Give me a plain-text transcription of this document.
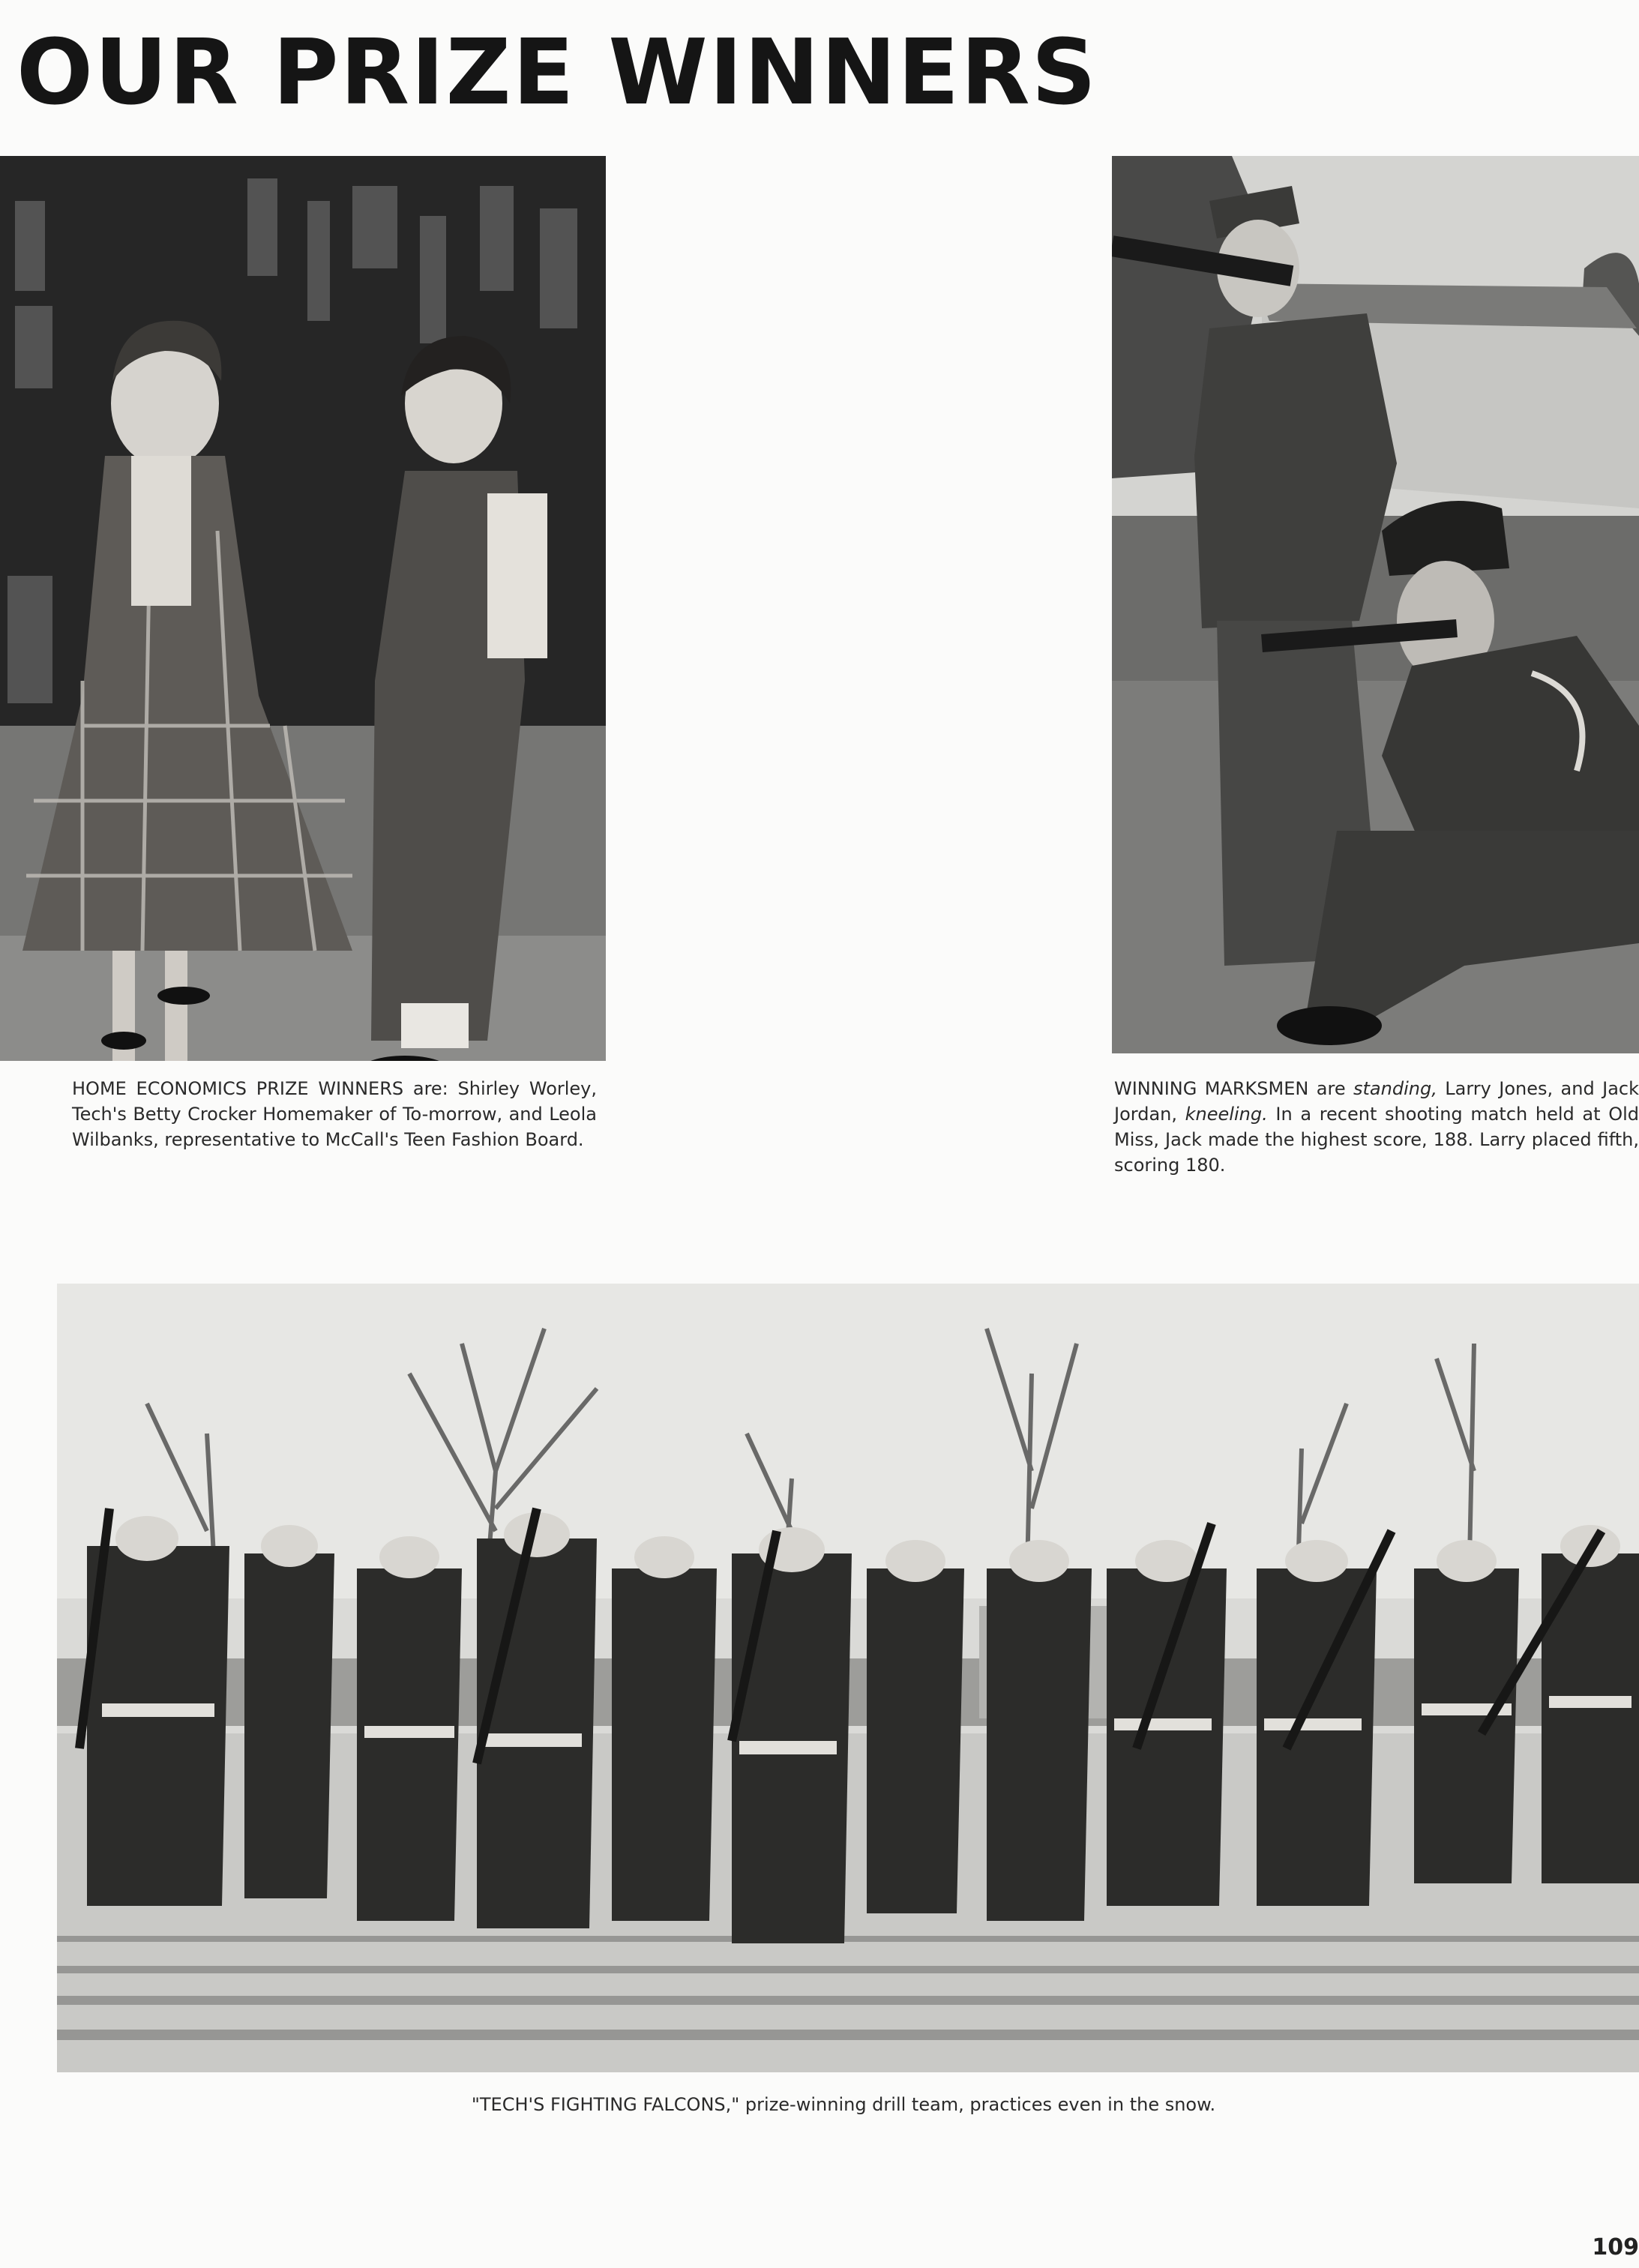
OUR PRIZE WINNERS

HOME ECONOMICS PRIZE WINNERS are: Shirley Worley, Tech's Betty Crocker Homemaker of To-morrow, and Leola Wilbanks, representative to McCall's Teen Fashion Board.

WINNING MARKSMEN are standing, Larry Jones, and Jack Jordan, kneeling. In a recent shooting match held at Old Miss, Jack made the highest score, 188. Larry placed fifth, scoring 180.

"TECH'S FIGHTING FALCONS," prize-winning drill team, practices even in the snow.

109
